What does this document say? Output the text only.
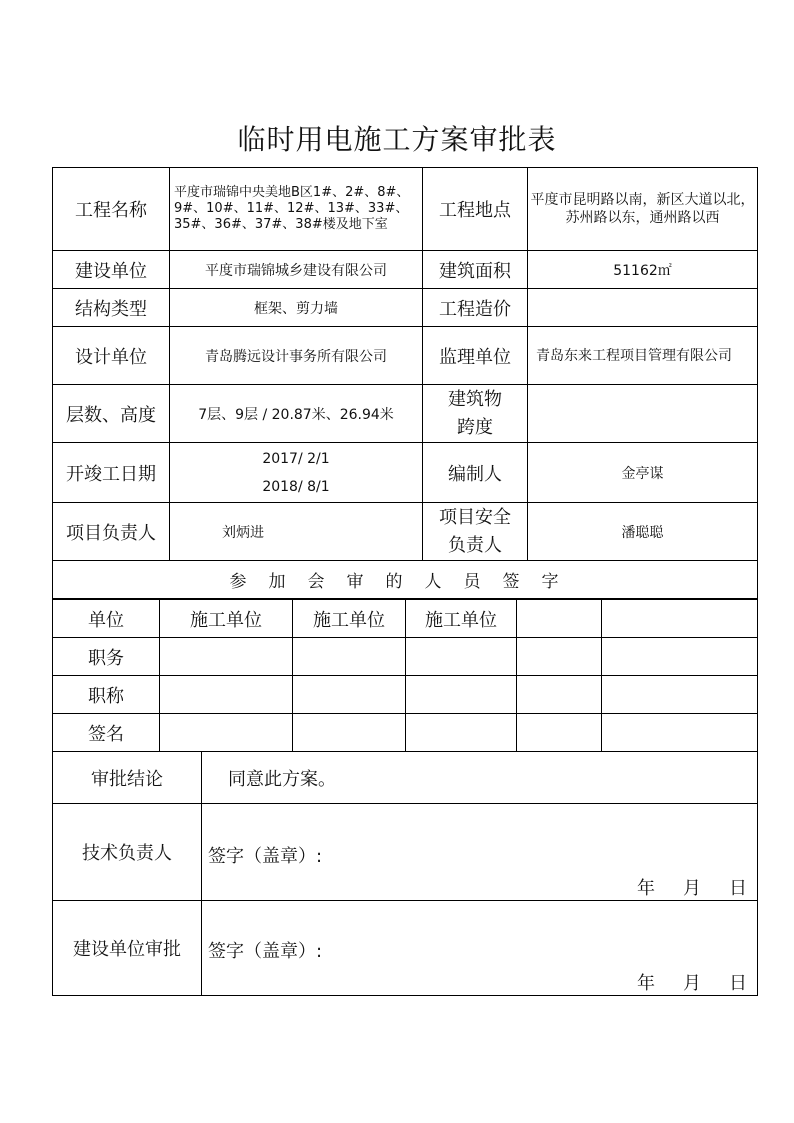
临时用电施工方案审批表
工程名称	平度市瑞锦中央美地B区1#、2#、8#、9#、10#、11#、12#、13#、33#、35#、36#、37#、38#楼及地下室	工程地点	平度市昆明路以南，新区大道以北，苏州路以东，通州路以西
建设单位	平度市瑞锦城乡建设有限公司	建筑面积	51162㎡
结构类型	框架、剪力墙	工程造价	
设计单位	青岛腾远设计事务所有限公司	监理单位	青岛东来工程项目管理有限公司
层数、高度	7层、9层 / 20.87米、26.94米	建筑物
跨度	

开竣工日期	2017/ 2/1
2018/ 8/1	编制人	金亭谋
项目负责人	刘炳进	项目安全
负责人	潘聪聪
参加会审的人员签字			
单位	施工单位	施工单位	施工单位		
职务					
职称					
签名					
审批结论	同意此方案。
技术负责人	签字（盖章）:
年 月 日

建设单位审批	签字（盖章）:
年 月 日
